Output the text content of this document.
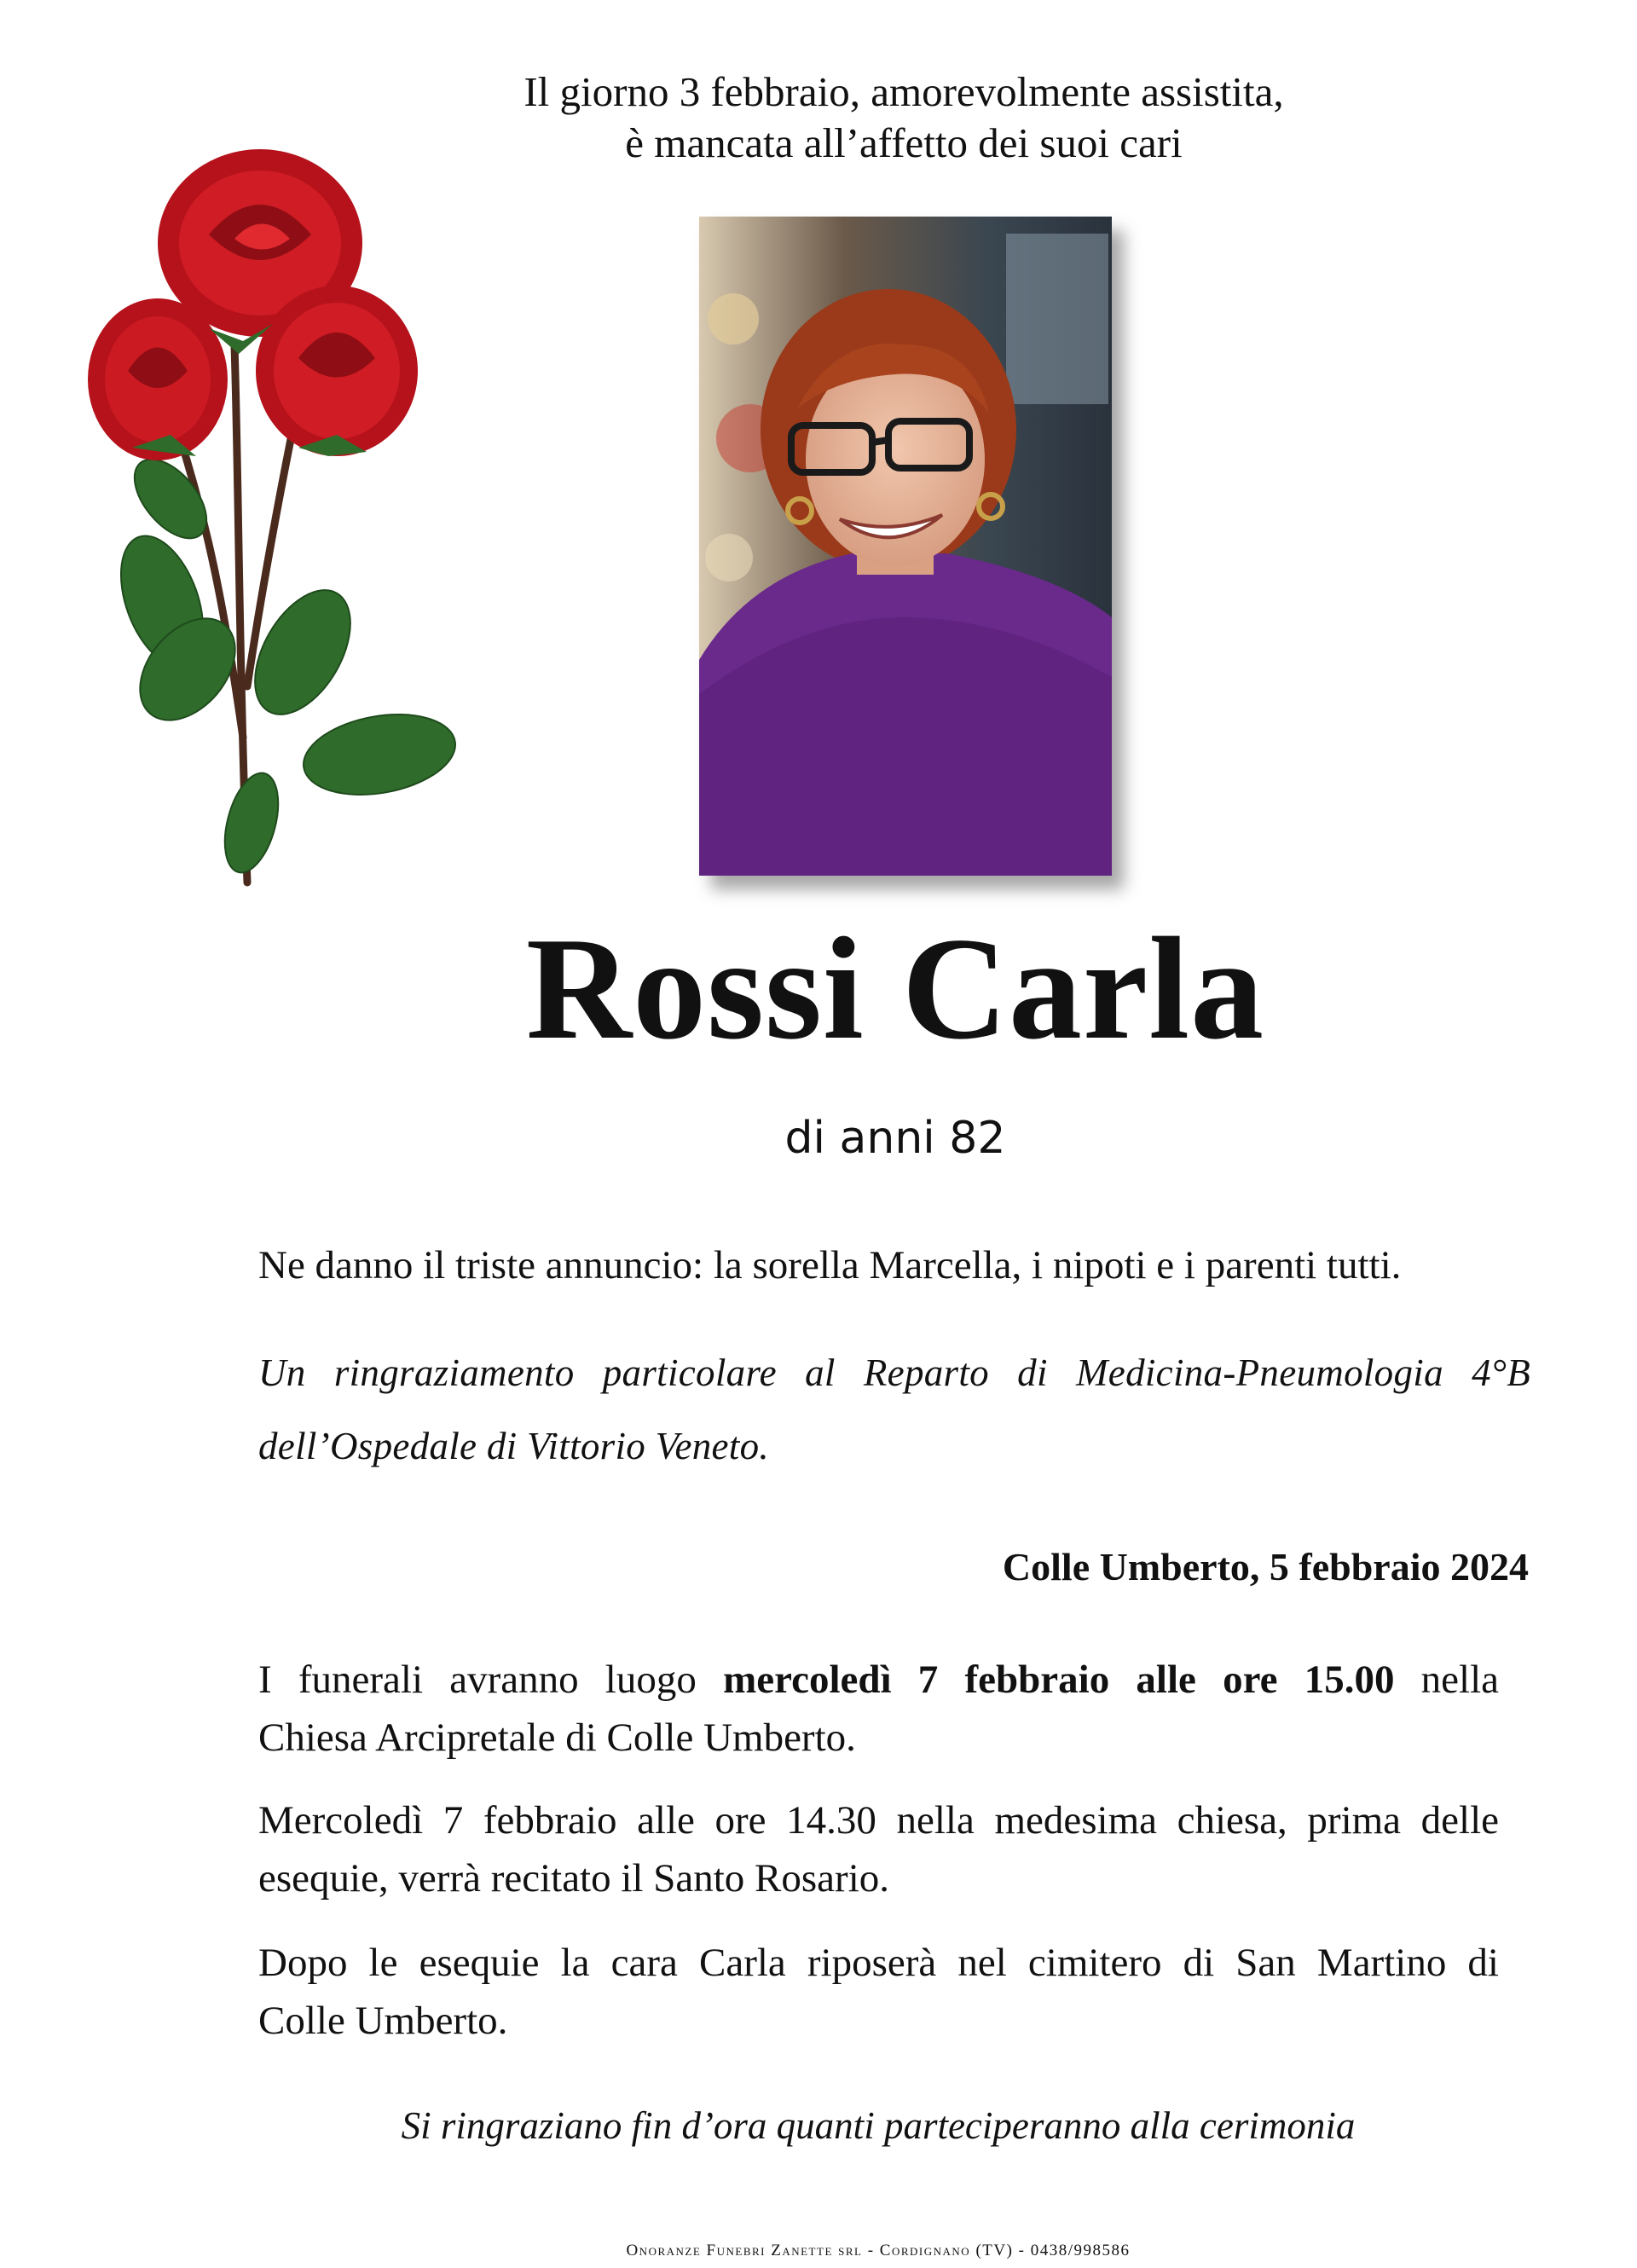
Il giorno 3 febbraio, amorevolmente assistita,
è mancata all’affetto dei suoi cari
Rossi Carla
di anni 82
Ne danno il triste annuncio: la sorella Marcella, i nipoti e i parenti tutti.
Un ringraziamento particolare al Reparto di Medicina-Pneumologia 4°B
dell’Ospedale di Vittorio Veneto.
Colle Umberto, 5 febbraio 2024
I funerali avranno luogo mercoledì 7 febbraio alle ore 15.00 nella
Chiesa Arcipretale di Colle Umberto.
Mercoledì 7 febbraio alle ore 14.30 nella medesima chiesa, prima delle
esequie, verrà recitato il Santo Rosario.
Dopo le esequie la cara Carla riposerà nel cimitero di San Martino di
Colle Umberto.
Si ringraziano fin d’ora quanti parteciperanno alla cerimonia
Onoranze Funebri Zanette srl - Cordignano (TV) - 0438/998586
